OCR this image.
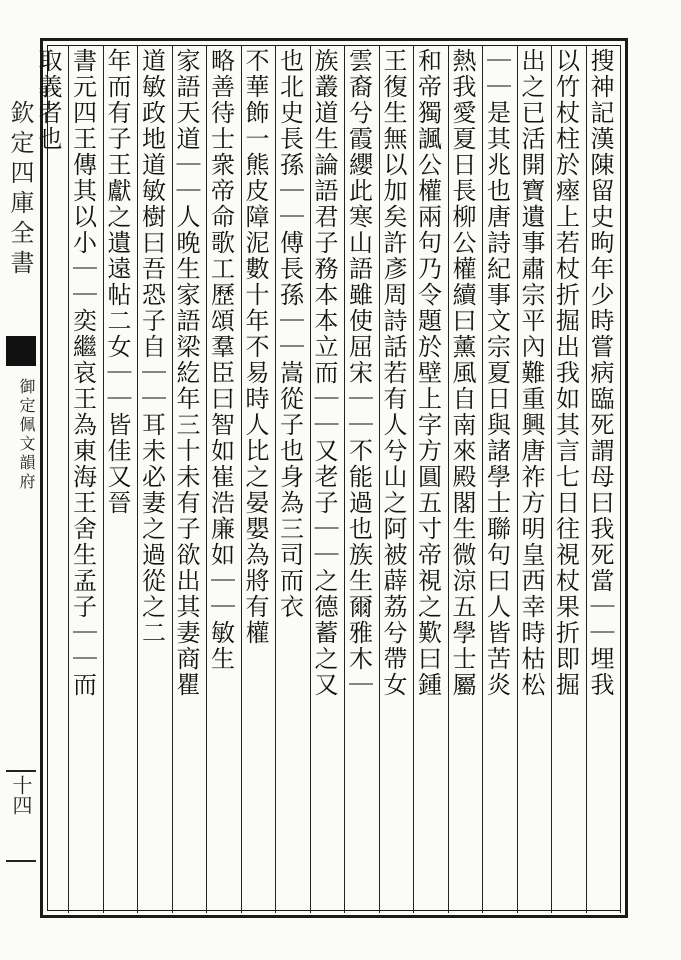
欽定四庫全書
御定佩文韻府
十四
搜神記漢陳留史昫年少時嘗病臨死謂母曰我死當｜｜埋我
以竹杖柱於瘞上若杖折掘出我如其言七日往視杖果折即掘
出之已活開寶遺事肅宗平內難重興唐祚方明皇西幸時枯松
｜｜是其兆也唐詩紀事文宗夏日與諸學士聯句曰人皆苦炎
熱我愛夏日長柳公權續曰薰風自南來殿閣生微涼五學士屬
和帝獨諷公權兩句乃令題於壁上字方圓五寸帝視之歎曰鍾
王復生無以加矣許彥周詩話若有人兮山之阿被薜荔兮帶女
雲裔兮霞纓此寒山語雖使屈宋｜｜不能過也族生爾雅木｜
族叢道生論語君子務本本立而｜｜又老子｜｜之德蓄之又
也北史長孫｜｜傅長孫｜｜嵩從子也身為三司而衣
不華飾一熊皮障泥數十年不易時人比之晏嬰為將有權
略善待士衆帝命歌工歷頌羣臣曰智如崔浩廉如｜｜敏生
家語天道｜｜人晚生家語梁紇年三十未有子欲出其妻商瞿
道敏政地道敏樹曰吾恐子自｜｜耳未必妻之過從之二
年而有子王獻之遺遠帖二女｜｜皆佳又晉
書元四王傳其以小｜｜奕繼哀王為東海王舍生孟子｜｜而
取義者也
